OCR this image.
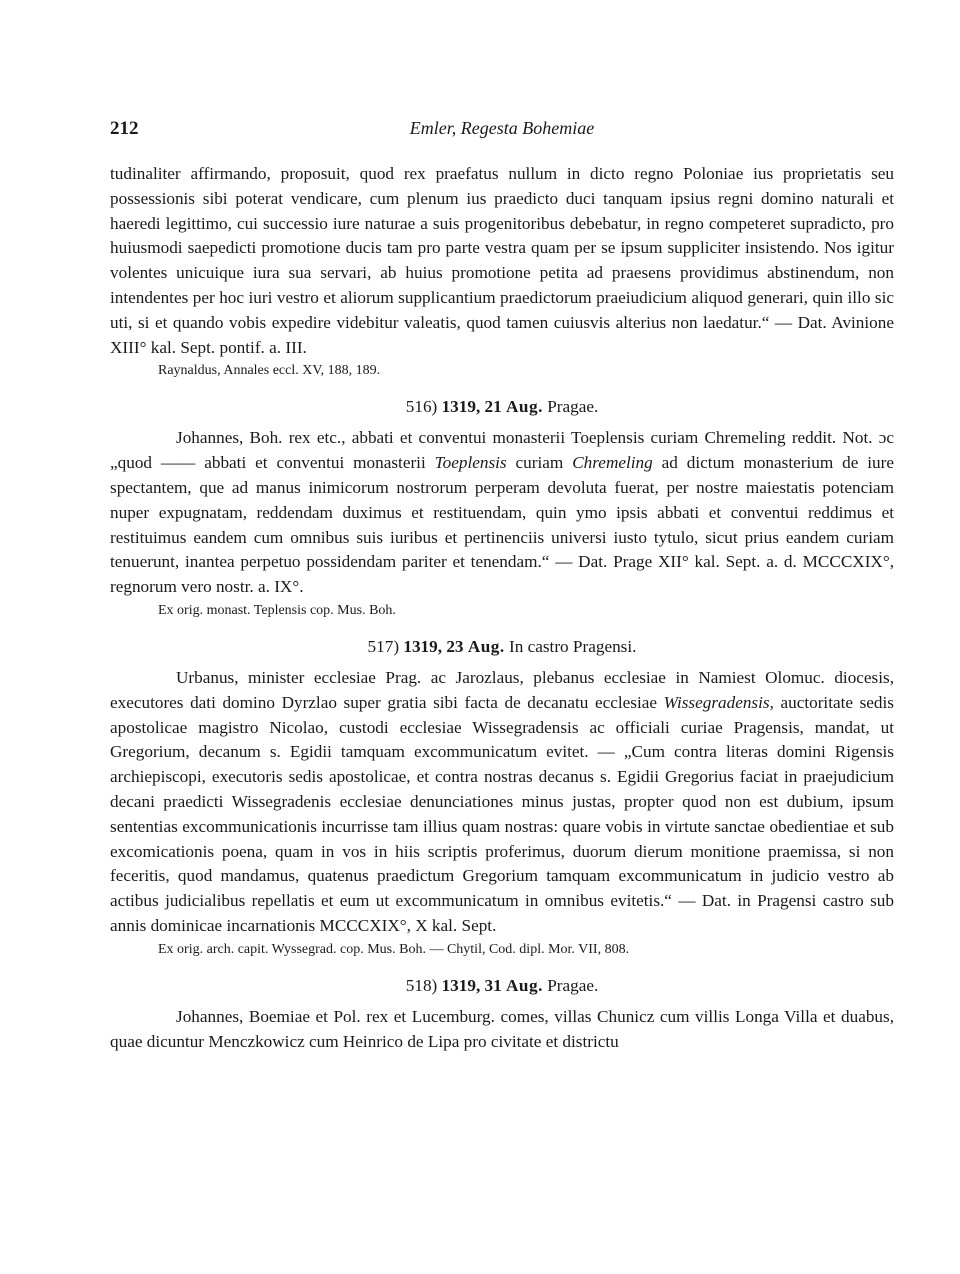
212	Emler, Regesta Bohemiae

tudinaliter affirmando, proposuit, quod rex praefatus nullum in dicto regno Poloniae ius proprietatis seu possessionis sibi poterat vendicare, cum plenum ius praedicto duci tanquam ipsius regni domino naturali et haeredi legittimo, cui successio iure naturae a suis progenitoribus debebatur, in regno competeret supradicto, pro huiusmodi saepedicti promotione ducis tam pro parte vestra quam per se ipsum suppliciter insistendo. Nos igitur volentes unicuique iura sua servari, ab huius promotione petita ad praesens providimus abstinendum, non intendentes per hoc iuri vestro et aliorum supplicantium praedictorum praeiudicium aliquod generari, quin illo sic uti, si et quando vobis expedire videbitur valeatis, quod tamen cuiusvis alterius non laedatur.“ — Dat. Avinione XIII° kal. Sept. pontif. a. III.

Raynaldus, Annales eccl. XV, 188, 189.

516) 1319, 21 Aug. Pragae.

Johannes, Boh. rex etc., abbati et conventui monasterii Toeplensis curiam Chremeling reddit. Not. ɔc „quod —— abbati et conventui monasterii Toeplensis curiam Chremeling ad dictum monasterium de iure spectantem, que ad manus inimicorum nostrorum perperam devoluta fuerat, per nostre maiestatis potenciam nuper expugnatam, reddendam duximus et restituendam, quin ymo ipsis abbati et conventui reddimus et restituimus eandem cum omnibus suis iuribus et pertinenciis universi iusto tytulo, sicut prius eandem curiam tenuerunt, inantea perpetuo possidendam pariter et tenendam.“ — Dat. Prage XII° kal. Sept. a. d. MCCCXIX°, regnorum vero nostr. a. IX°.

Ex orig. monast. Teplensis cop. Mus. Boh.

517) 1319, 23 Aug. In castro Pragensi.

Urbanus, minister ecclesiae Prag. ac Jarozlaus, plebanus ecclesiae in Namiest Olomuc. diocesis, executores dati domino Dyrzlao super gratia sibi facta de decanatu ecclesiae Wissegradensis, auctoritate sedis apostolicae magistro Nicolao, custodi ecclesiae Wissegradensis ac officiali curiae Pragensis, mandat, ut Gregorium, decanum s. Egidii tamquam excommunicatum evitet. — „Cum contra literas domini Rigensis archiepiscopi, executoris sedis apostolicae, et contra nostras decanus s. Egidii Gregorius faciat in praejudicium decani praedicti Wissegradenis ecclesiae denunciationes minus justas, propter quod non est dubium, ipsum sententias excommunicationis incurrisse tam illius quam nostras: quare vobis in virtute sanctae obedientiae et sub excomicationis poena, quam in vos in hiis scriptis proferimus, duorum dierum monitione praemissa, si non feceritis, quod mandamus, quatenus praedictum Gregorium tamquam excommunicatum in judicio vestro ab actibus judicialibus repellatis et eum ut excommunicatum in omnibus evitetis.“ — Dat. in Pragensi castro sub annis dominicae incarnationis MCCCXIX°, X kal. Sept.

Ex orig. arch. capit. Wyssegrad. cop. Mus. Boh. — Chytil, Cod. dipl. Mor. VII, 808.

518) 1319, 31 Aug. Pragae.

Johannes, Boemiae et Pol. rex et Lucemburg. comes, villas Chunicz cum villis Longa Villa et duabus, quae dicuntur Menczkowicz cum Heinrico de Lipa pro civitate et districtu
